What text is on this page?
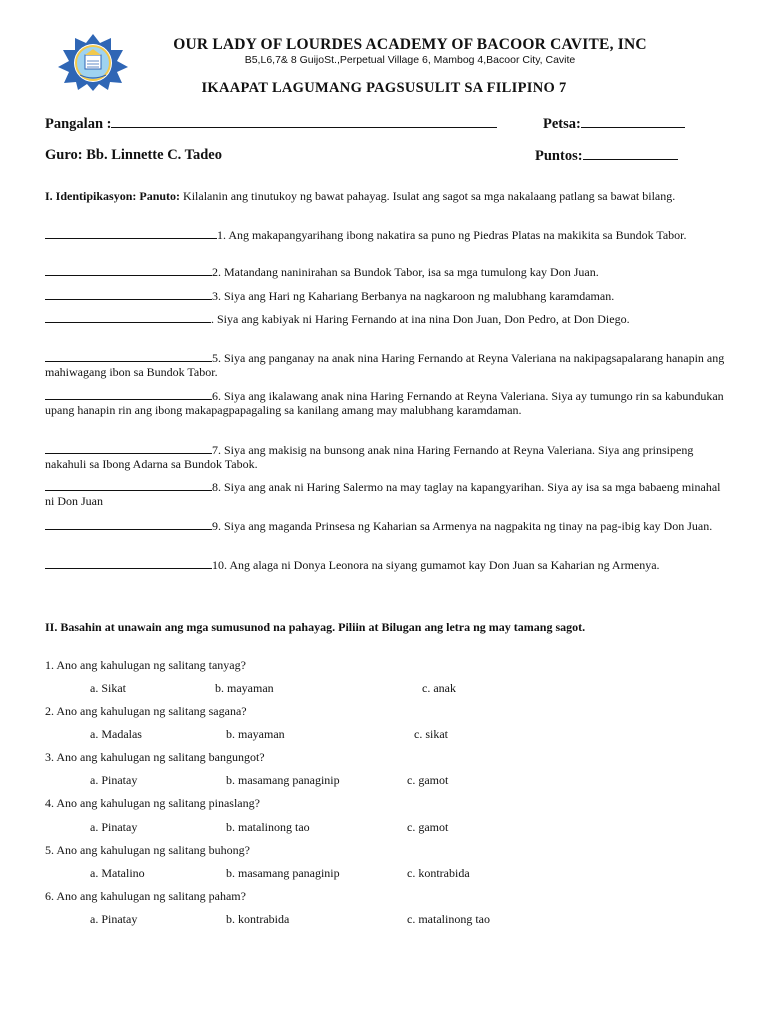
OUR LADY OF LOURDES ACADEMY OF BACOOR CAVITE, INC
B5,L6,7& 8 GuijoSt.,Perpetual Village 6, Mambog 4,Bacoor City, Cavite
IKAAPAT LAGUMANG PAGSUSULIT SA FILIPINO 7
Pangalan :	Petsa:
Guro: Bb. Linnette C. Tadeo	Puntos:
I. Identipikasyon: Panuto: Kilalanin ang tinutukoy ng bawat pahayag. Isulat ang sagot sa mga nakalaang patlang sa bawat bilang.
1. Ang makapangyarihang ibong nakatira sa puno ng Piedras Platas na makikita sa Bundok Tabor.
2. Matandang naninirahan sa Bundok Tabor, isa sa mga tumulong kay Don Juan.
3. Siya ang Hari ng Kahariang Berbanya na nagkaroon ng malubhang karamdaman.
. Siya ang kabiyak ni Haring Fernando at ina nina Don Juan, Don Pedro, at Don Diego.
5. Siya ang panganay na anak nina Haring Fernando at Reyna Valeriana na nakipagsapalarang hanapin ang mahiwagang ibon sa Bundok Tabor.
6. Siya ang ikalawang anak nina Haring Fernando at Reyna Valeriana. Siya ay tumungo rin sa kabundukan upang hanapin rin ang ibong makapagpapagaling sa kanilang amang may malubhang karamdaman.
7. Siya ang makisig na bunsong anak nina Haring Fernando at Reyna Valeriana. Siya ang prinsipeng nakahuli sa Ibong Adarna sa Bundok Tabok.
8. Siya ang anak ni Haring Salermo na may taglay na kapangyarihan. Siya ay isa sa mga babaeng minahal ni Don Juan
9. Siya ang maganda Prinsesa ng Kaharian sa Armenya na nagpakita ng tinay na pag-ibig kay Don Juan.
10. Ang alaga ni Donya Leonora na siyang gumamot kay Don Juan sa Kaharian ng Armenya.
II. Basahin at unawain ang mga sumusunod na pahayag. Piliin at Bilugan ang letra ng may tamang sagot.
1. Ano ang kahulugan ng salitang tanyag?
a. Sikat	b. mayaman	c. anak
2. Ano ang kahulugan ng salitang sagana?
a. Madalas	b. mayaman	c. sikat
3. Ano ang kahulugan ng salitang bangungot?
a. Pinatay	b. masamang panaginip	c. gamot
4. Ano ang kahulugan ng salitang pinaslang?
a. Pinatay	b. matalinong tao	c. gamot
5. Ano ang kahulugan ng salitang buhong?
a. Matalino	b. masamang panaginip	c. kontrabida
6. Ano ang kahulugan ng salitang paham?
a. Pinatay	b. kontrabida	c. matalinong tao
